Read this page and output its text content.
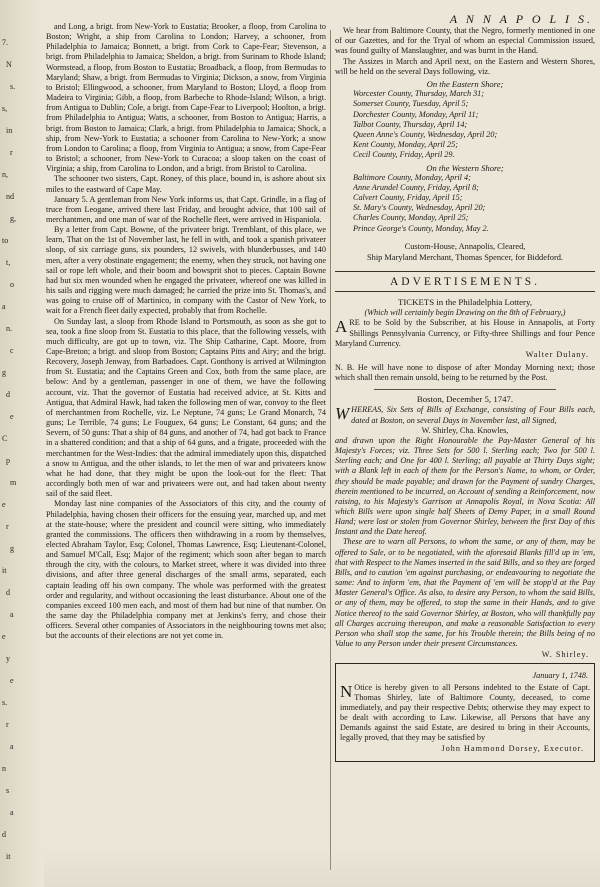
7.
N
s.
s,
in
r
n,
nd
g,
to
t,
o
a
n.
c
g
d
e
C
p
m
e
r
g
it
d
a
e
y
e
s.
r
a
n
s
a
d
it

and Long, a brigt. from New-York to Eustatia; Brooker, a floop, from Carolina to Boston; Wright, a ship from Carolina to London; Harvey, a schooner, from Philadelphia to Jamaica; Bonnett, a brigt. from Cork to Cape-Fear; Stevenson, a brigt. from Philadelphia to Jamaica; Sheldon, a brigt. from Surinam to Rhode Island; Wormstead, a floop, from Boston to Eustatia; Broadback, a floop, from Bermudas to Maryland; Shaw, a brigt. from Bermudas to Virginia; Dickson, a snow, from Virginia to Bristol; Ellingwood, a schooner, from Maryland to Boston; Lloyd, a floop from Madeira to Virginia; Gibb, a floop, from Barbeche to Rhode-Island; Wilson, a brigt. from Antigua to Dublin; Cole, a brigt. from Cape-Fear to Liverpool; Hoolton, a brigt. from Philadelphia to Antigua; Watts, a schooner, from Boston to Antigua; Harris, a brigt. from Boston to Jamaica; Clark, a brigt. from Philadelphia to Jamaica; Shock, a ship, from New-York to Eustatia; a schooner from Carolina to New-York; a snow from London to Carolina; a floop, from Virginia to Antigua; a snow, from Cape-Fear to Bristol; a schooner, from New-York to Curacoa; a sloop taken on the coast of Virginia; a ship, from Carolina to London, and a brigt. from Bristol to Carolina.

The schooner two sisters, Capt. Roney, of this place, bound in, is ashore about six miles to the eastward of Cape May.

January 5. A gentleman from New York informs us, that Capt. Grindle, in a flag of truce from Leogane, arrived there last Friday, and brought advice, that 100 sail of merchantmen, and one man of war of the Rochelle fleet, were arrived in Hispaniola.

By a letter from Capt. Bowne, of the privateer brigt. Tremblant, of this place, we learn, That on the 1st of November last, he fell in with, and took a spanish privateer sloop, of six carriage guns, six pounders, 12 swivels, with blunderbusses, and 140 men, after a very obstinate engagement; the enemy, when they struck, not having one sail or rope left whole, and their boom and bowsprit shot to pieces. Captain Bowne had but six men wounded when he engaged the privateer, whereof one was killed in his sails and rigging were much damaged; he carried the prize into St. Thomas's, and was going to cruise off of Martinico, in company with the Castor of New York, to wait for a French fleet daily expected, probably that from Rochelle.

On Sunday last, a sloop from Rhode Island to Portsmouth, as soon as she got to sea, took a fine sloop from St. Eustatia to this place, that the following vessels, with much difficulty, are got up to town, viz. The Ship Catharine, Capt. Moore, from Cape-Breton; a brigt. and sloop from Boston; Captains Pitts and Airy; and the brigt. Recovery, Joseph Jenway, from Barbadoes. Capt. Gonthony is arrived at Wilmington from St. Eustatia; and the Captains Green and Cox, both from the same place, are below: And by a gentleman, passenger in one of them, we have the following account, viz. That the governor of Eustatia had received advice, at St. Kitts and Antigua, that Admiral Hawk, had taken the following men of war, convoy to the fleet of merchantmen from Rochelle, viz. Le Neptune, 74 guns; Le Grand Monarch, 74 guns; Le Terrible, 74 guns; Le Fouguex, 64 guns; Le Constant, 64 guns; and the Severn, of 50 guns: That a ship of 84 guns, and another of 74, had got back to France in a shattered condition; and that a ship of 64 guns, and a frigate, proceeded with the merchantmen for the West-Indies: that the admiral immediately upon this, dispatched a snow to Antigua, and the other islands, to let the men of war and privateers know what he had done, that they might be upon the look-out for the fleet: That accordingly both men of war and privateers were out, and had taken about twenty sail of the said fleet.

Monday last nine companies of the Associators of this city, and the county of Philadelphia, having chosen their officers for the ensuing year, marched up, and met at the state-house; where the president and council were sitting, who immediately granted the commissions. The officers then withdrawing in a room by themselves, elected Abraham Taylor, Esq; Colonel, Thomas Lawrence, Esq; Lieutenant-Colonel, and Samuel M'Call, Esq; Major of the regiment; which soon after began to march through the city, with the colours, to Market street, where it was divided into three divisions, and after three general discharges of the small arms, separated, each captain leading off his own company. The whole was performed with the greatest order and regularity, and without occasioning the least disturbance. About one of the companies exceed 100 men each, and most of them had but nine of that number. On the same day the Philadelphia company met at Jenkins's ferry, and chose their officers. Several other companies of Associators in the neighbouring towns met also; but the accounts of their elections are not yet come in.

A N N A P O L I S.

We hear from Baltimore County, that the Negro, formerly mentioned in one of our Gazettes, and for the Tryal of whom an especial Commission issued, was found guilty of Manslaughter, and was burnt in the Hand.

The Assizes in March and April next, on the Eastern and Western Shores, will be held on the several Days following, viz.

On the Eastern Shore;
Worcester County, Thursday, March 31;
Somerset County, Tuesday, April 5;
Dorchester County, Monday, April 11;
Talbot County, Thursday, April 14;
Queen Anne's County, Wednesday, April 20;
Kent County, Monday, April 25;
Cecil County, Friday, April 29.
On the Western Shore;
Baltimore County, Monday, April 4;
Anne Arundel County, Friday, April 8;
Calvert County, Friday, April 15;
St. Mary's County, Wednesday, April 20;
Charles County, Monday, April 25;
Prince George's County, Monday, May 2.
Custom-House, Annapolis, Cleared,
Ship Maryland Merchant, Thomas Spencer, for Biddeford.
ADVERTISEMENTS.
TICKETS in the Philadelphia Lottery,
(Which will certainly begin Drawing on the 8th of February,)
A RE to be Sold by the Subscriber, at his House in Annapolis, at Forty Shillings Pennsylvania Currency, or Fifty-three Shillings and four Pence Maryland Currency.
Walter Dulany.
N. B. He will have none to dispose of after Monday Morning next; those which shall then remain unsold, being to be returned by the Post.
Boston, December 5, 1747.
W HEREAS, Six Sets of Bills of Exchange, consisting of Four Bills each, dated at Boston, on several Days in November last, all Signed,
W. Shirley, Cha. Knowles,

and drawn upon the Right Honourable the Pay-Master General of his Majesty's Forces; viz. Three Sets for 500 l. Sterling each; Two for 500 l. Sterling each; and One for 400 l. Sterling; all payable at Thirty Days sight; with a Blank left in each of them for the Person's Name, to whom, or Order, they should be made payable; and drawn for the Payment of sundry Charges, therein mentioned to be incurred, on Account of sending a Reinforcement, now raising, to his Majesty's Garrison at Annapolis Royal, in Nova Scotia: All which Bills were upon single half Sheets of Demy Paper, in a small Round Hand; were lost or stolen from Governor Shirley, between the first Day of this Instant and the Date hereof.

These are to warn all Persons, to whom the same, or any of them, may be offered to Sale, or to be negotiated, with the aforesaid Blanks fill'd up in 'em, that with Respect to the Names inserted in the said Bills, and so they are forged Bills, and to caution 'em against purchasing, or endeavouring to negotiate the same: And to inform 'em, that the Payment of 'em will be stopp'd at the Pay Master General's Office. As also, to desire any Person, to whom the said Bills, or any of them, may be offered, to stop the same in their Hands, and to give Notice thereof to the said Governor Shirley, at Boston, who will thankfully pay all Charges accruing thereupon, and make a reasonable Satisfaction to every Person who shall stop the same, for his Trouble therein; the Bills being of no Value to any Person under their present Circumstances.

W. Shirley.
January 1, 1748.
N Otice is hereby given to all Persons indebted to the Estate of Capt. Thomas Shirley, late of Baltimore County, deceased, to come immediately, and pay their respective Debts; otherwise they may expect to be dealt with according to Law. Likewise, all Persons that have any Demands against the said Estate, are desired to bring in their Accounts, legally proved, that they may be satisfied by
John Hammond Dorsey, Executor.
